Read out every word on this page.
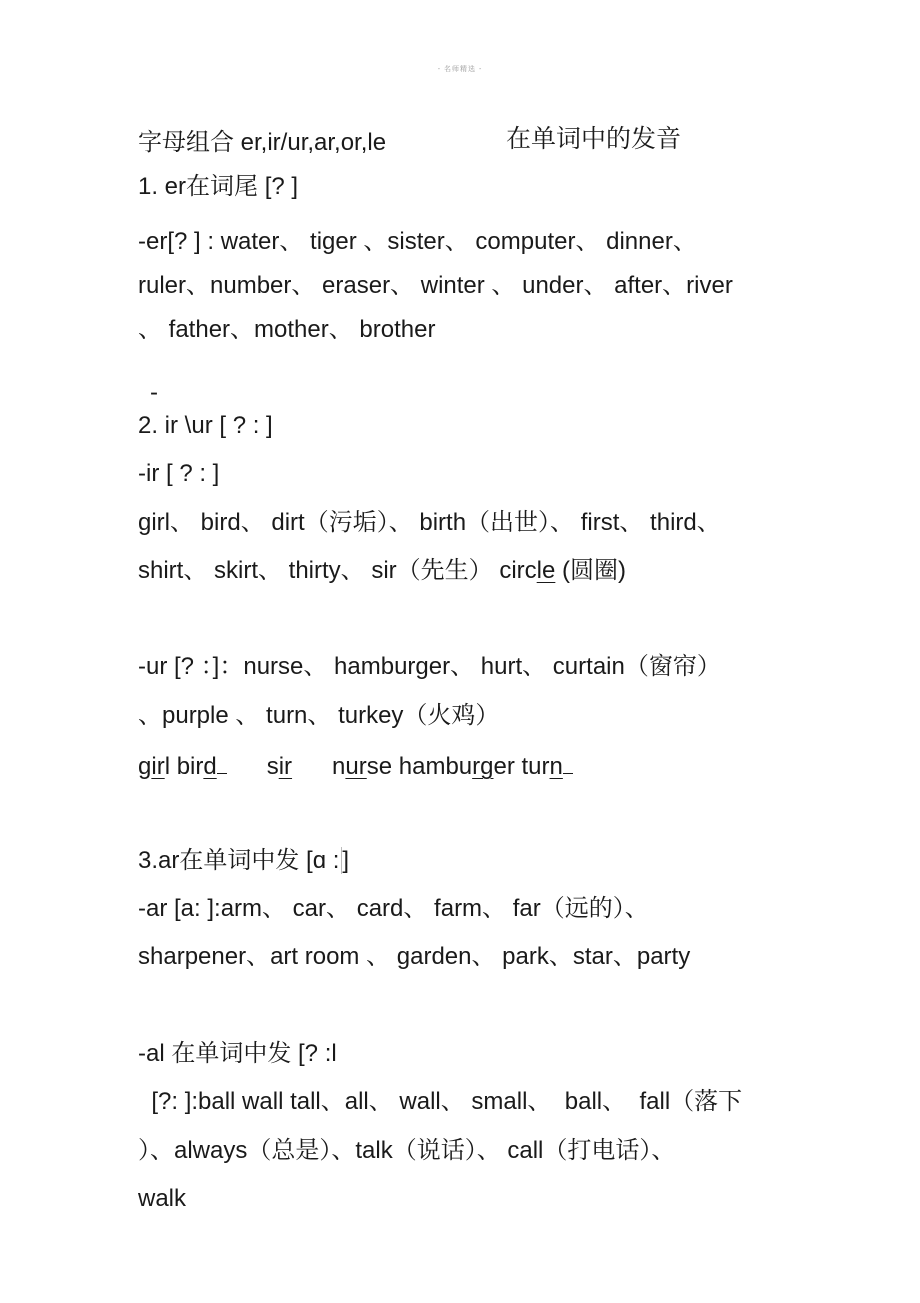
- 名师精选 -
字母组合 er,ir/ur,ar,or,le	在单词中的发音
1. er在词尾 [? ]
-er[? ] : water、 tiger 、sister、 computer、 dinner、
ruler、number、 eraser、 winter 、 under、 after、river
、 father、mother、 brother
-
2. ir \ur [ ? : ]
-ir [ ? : ]
girl、 bird、 dirt（污垢）、 birth（出世）、 first、 third、
shirt、 skirt、 thirty、 sir（先生） circle (圆圈)
-ur [? ：]：nurse、 hamburger、 hurt、 curtain（窗帘）
、purple 、 turn、 turkey（火鸡）
girl bird sir nurse hamburger turn
3.ar在单词中发 [ɑ : ]
-ar [a: ]:arm、 car、 card、 farm、 far（远的）、
sharpener、art room 、 garden、 park、star、party
-al 在单词中发 [? :l
[?: ]:ball wall tall、all、 wall、 small、  ball、  fall（落下
）、always（总是）、talk（说话）、 call（打电话）、
walk
